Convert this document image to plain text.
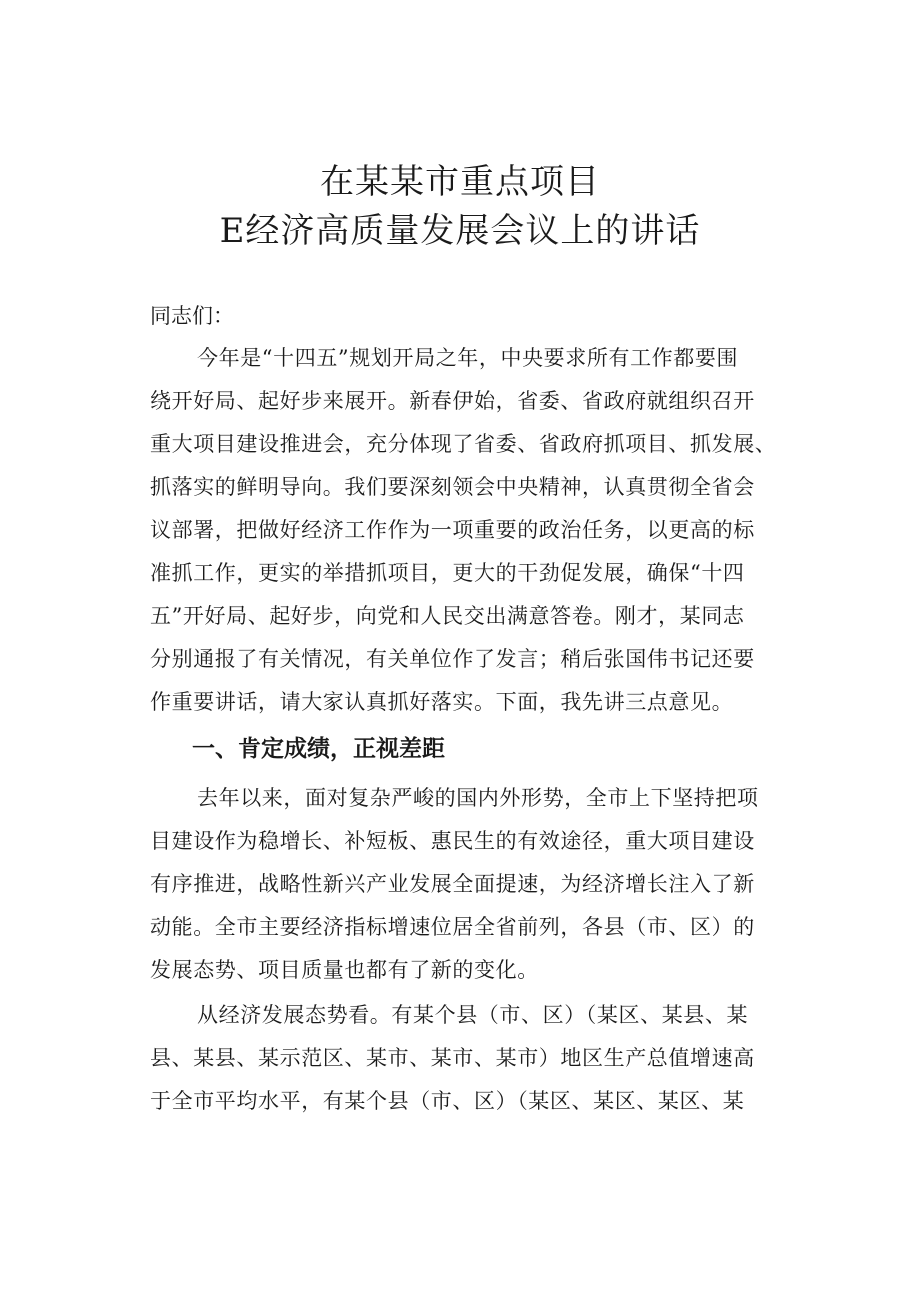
在某某市重点项目
E经济高质量发展会议上的讲话

同志们：

今年是“十四五”规划开局之年，中央要求所有工作都要围

绕开好局、起好步来展开。新春伊始，省委、省政府就组织召开

重大项目建设推进会，充分体现了省委、省政府抓项目、抓发展、

抓落实的鲜明导向。我们要深刻领会中央精神，认真贯彻全省会

议部署，把做好经济工作作为一项重要的政治任务，以更高的标

准抓工作，更实的举措抓项目，更大的干劲促发展，确保“十四

五”开好局、起好步，向党和人民交出满意答卷。刚才，某同志

分别通报了有关情况，有关单位作了发言；稍后张国伟书记还要

作重要讲话，请大家认真抓好落实。下面，我先讲三点意见。

一、肯定成绩，正视差距

去年以来，面对复杂严峻的国内外形势，全市上下坚持把项

目建设作为稳增长、补短板、惠民生的有效途径，重大项目建设

有序推进，战略性新兴产业发展全面提速，为经济增长注入了新

动能。全市主要经济指标增速位居全省前列，各县（市、区）的

发展态势、项目质量也都有了新的变化。

从经济发展态势看。有某个县（市、区）（某区、某县、某

县、某县、某示范区、某市、某市、某市）地区生产总值增速高

于全市平均水平，有某个县（市、区）（某区、某区、某区、某
